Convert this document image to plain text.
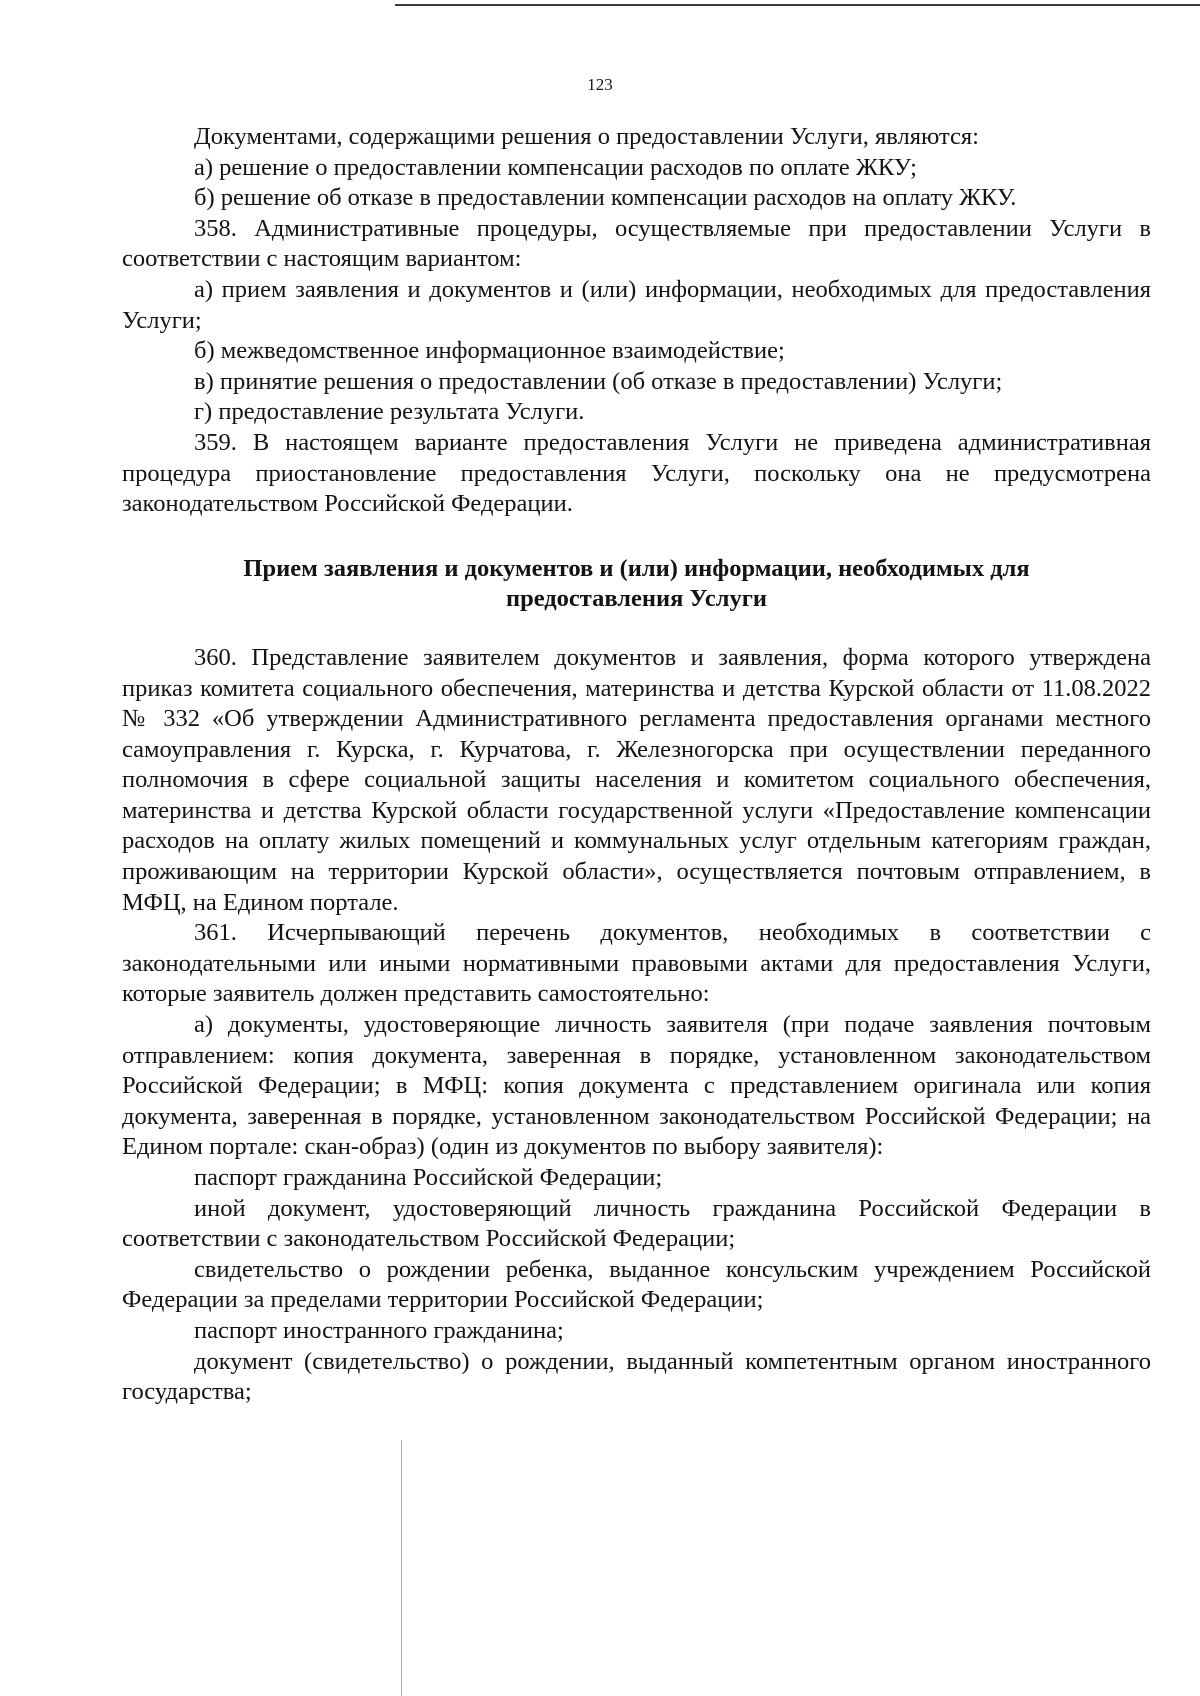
123

Документами, содержащими решения о предоставлении Услуги, являются:

а) решение о предоставлении компенсации расходов по оплате ЖКУ;

б) решение об отказе в предоставлении компенсации расходов на оплату ЖКУ.

358. Административные процедуры, осуществляемые при предоставлении Услуги в соответствии с настоящим вариантом:

а) прием заявления и документов и (или) информации, необходимых для предоставления Услуги;

б) межведомственное информационное взаимодействие;

в) принятие решения о предоставлении (об отказе в предоставлении) Услуги;

г) предоставление результата Услуги.

359. В настоящем варианте предоставления Услуги не приведена административная процедура приостановление предоставления Услуги, поскольку она не предусмотрена законодательством Российской Федерации.

Прием заявления и документов и (или) информации, необходимых для предоставления Услуги

360. Представление заявителем документов и заявления, форма которого утверждена приказ комитета социального обеспечения, материнства и детства Курской области от 11.08.2022 № 332 «Об утверждении Административного регламента предоставления органами местного самоуправления г. Курска, г. Курчатова, г. Железногорска при осуществлении переданного полномочия в сфере социальной защиты населения и комитетом социального обеспечения, материнства и детства Курской области государственной услуги «Предоставление компенсации расходов на оплату жилых помещений и коммунальных услуг отдельным категориям граждан, проживающим на территории Курской области», осуществляется почтовым отправлением, в МФЦ, на Едином портале.

361. Исчерпывающий перечень документов, необходимых в соответствии с законодательными или иными нормативными правовыми актами для предоставления Услуги, которые заявитель должен представить самостоятельно:

а) документы, удостоверяющие личность заявителя (при подаче заявления почтовым отправлением: копия документа, заверенная в порядке, установленном законодательством Российской Федерации; в МФЦ: копия документа с представлением оригинала или копия документа, заверенная в порядке, установленном законодательством Российской Федерации; на Едином портале: скан-образ) (один из документов по выбору заявителя):

паспорт гражданина Российской Федерации;

иной документ, удостоверяющий личность гражданина Российской Федерации в соответствии с законодательством Российской Федерации;

свидетельство о рождении ребенка, выданное консульским учреждением Российской Федерации за пределами территории Российской Федерации;

паспорт иностранного гражданина;

документ (свидетельство) о рождении, выданный компетентным органом иностранного государства;
